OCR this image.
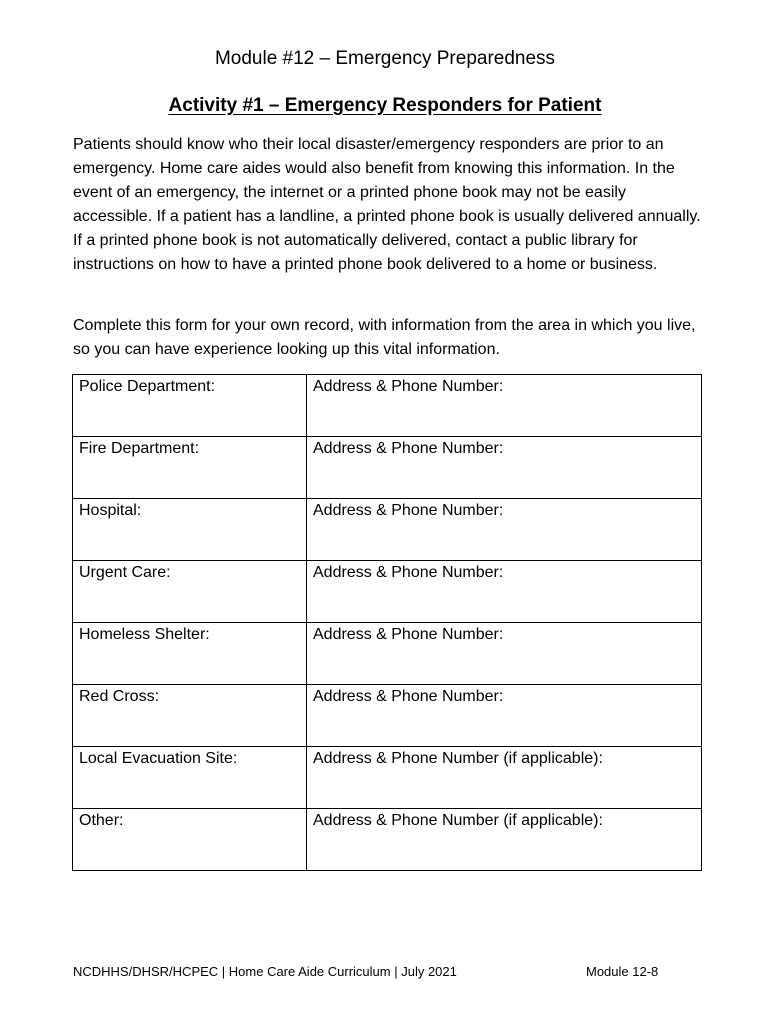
Module #12 – Emergency Preparedness
Activity #1 – Emergency Responders for Patient

Patients should know who their local disaster/emergency responders are prior to an emergency. Home care aides would also benefit from knowing this information. In the event of an emergency, the internet or a printed phone book may not be easily accessible. If a patient has a landline, a printed phone book is usually delivered annually. If a printed phone book is not automatically delivered, contact a public library for instructions on how to have a printed phone book delivered to a home or business.

Complete this form for your own record, with information from the area in which you live, so you can have experience looking up this vital information.

Police Department:	Address & Phone Number:
Fire Department:	Address & Phone Number:
Hospital:	Address & Phone Number:
Urgent Care:	Address & Phone Number:
Homeless Shelter:	Address & Phone Number:
Red Cross:	Address & Phone Number:
Local Evacuation Site:	Address & Phone Number (if applicable):
Other:	Address & Phone Number (if applicable):
NCDHHS/DHSR/HCPEC | Home Care Aide Curriculum | July 2021	Module 12-8
